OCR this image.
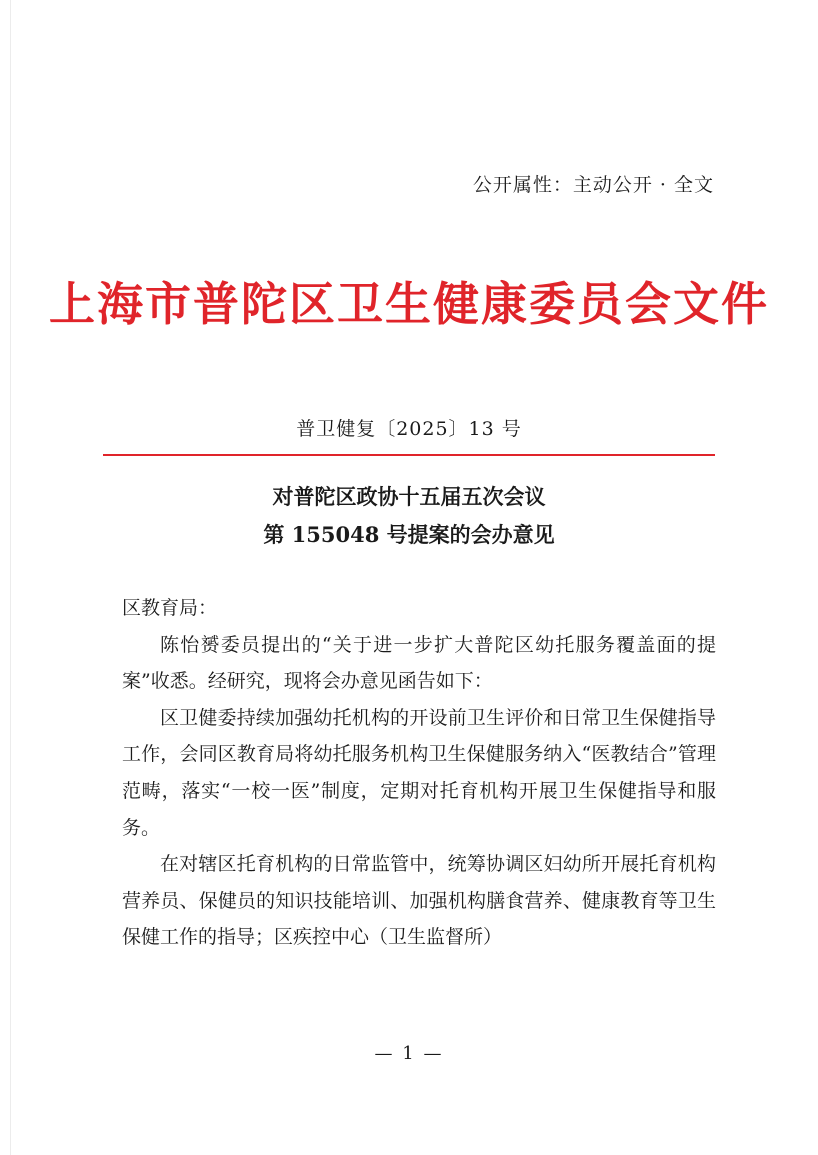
公开属性：主动公开 · 全文
上海市普陀区卫生健康委员会文件
普卫健复〔2025〕13 号
对普陀区政协十五届五次会议
第 155048 号提案的会办意见

区教育局：

陈怡赟委员提出的“关于进一步扩大普陀区幼托服务覆盖面的提案”收悉。经研究，现将会办意见函告如下：

区卫健委持续加强幼托机构的开设前卫生评价和日常卫生保健指导工作，会同区教育局将幼托服务机构卫生保健服务纳入“医教结合”管理范畴，落实“一校一医”制度，定期对托育机构开展卫生保健指导和服务。

在对辖区托育机构的日常监管中，统筹协调区妇幼所开展托育机构营养员、保健员的知识技能培训、加强机构膳食营养、健康教育等卫生保健工作的指导；区疾控中心（卫生监督所）

— 1 —
